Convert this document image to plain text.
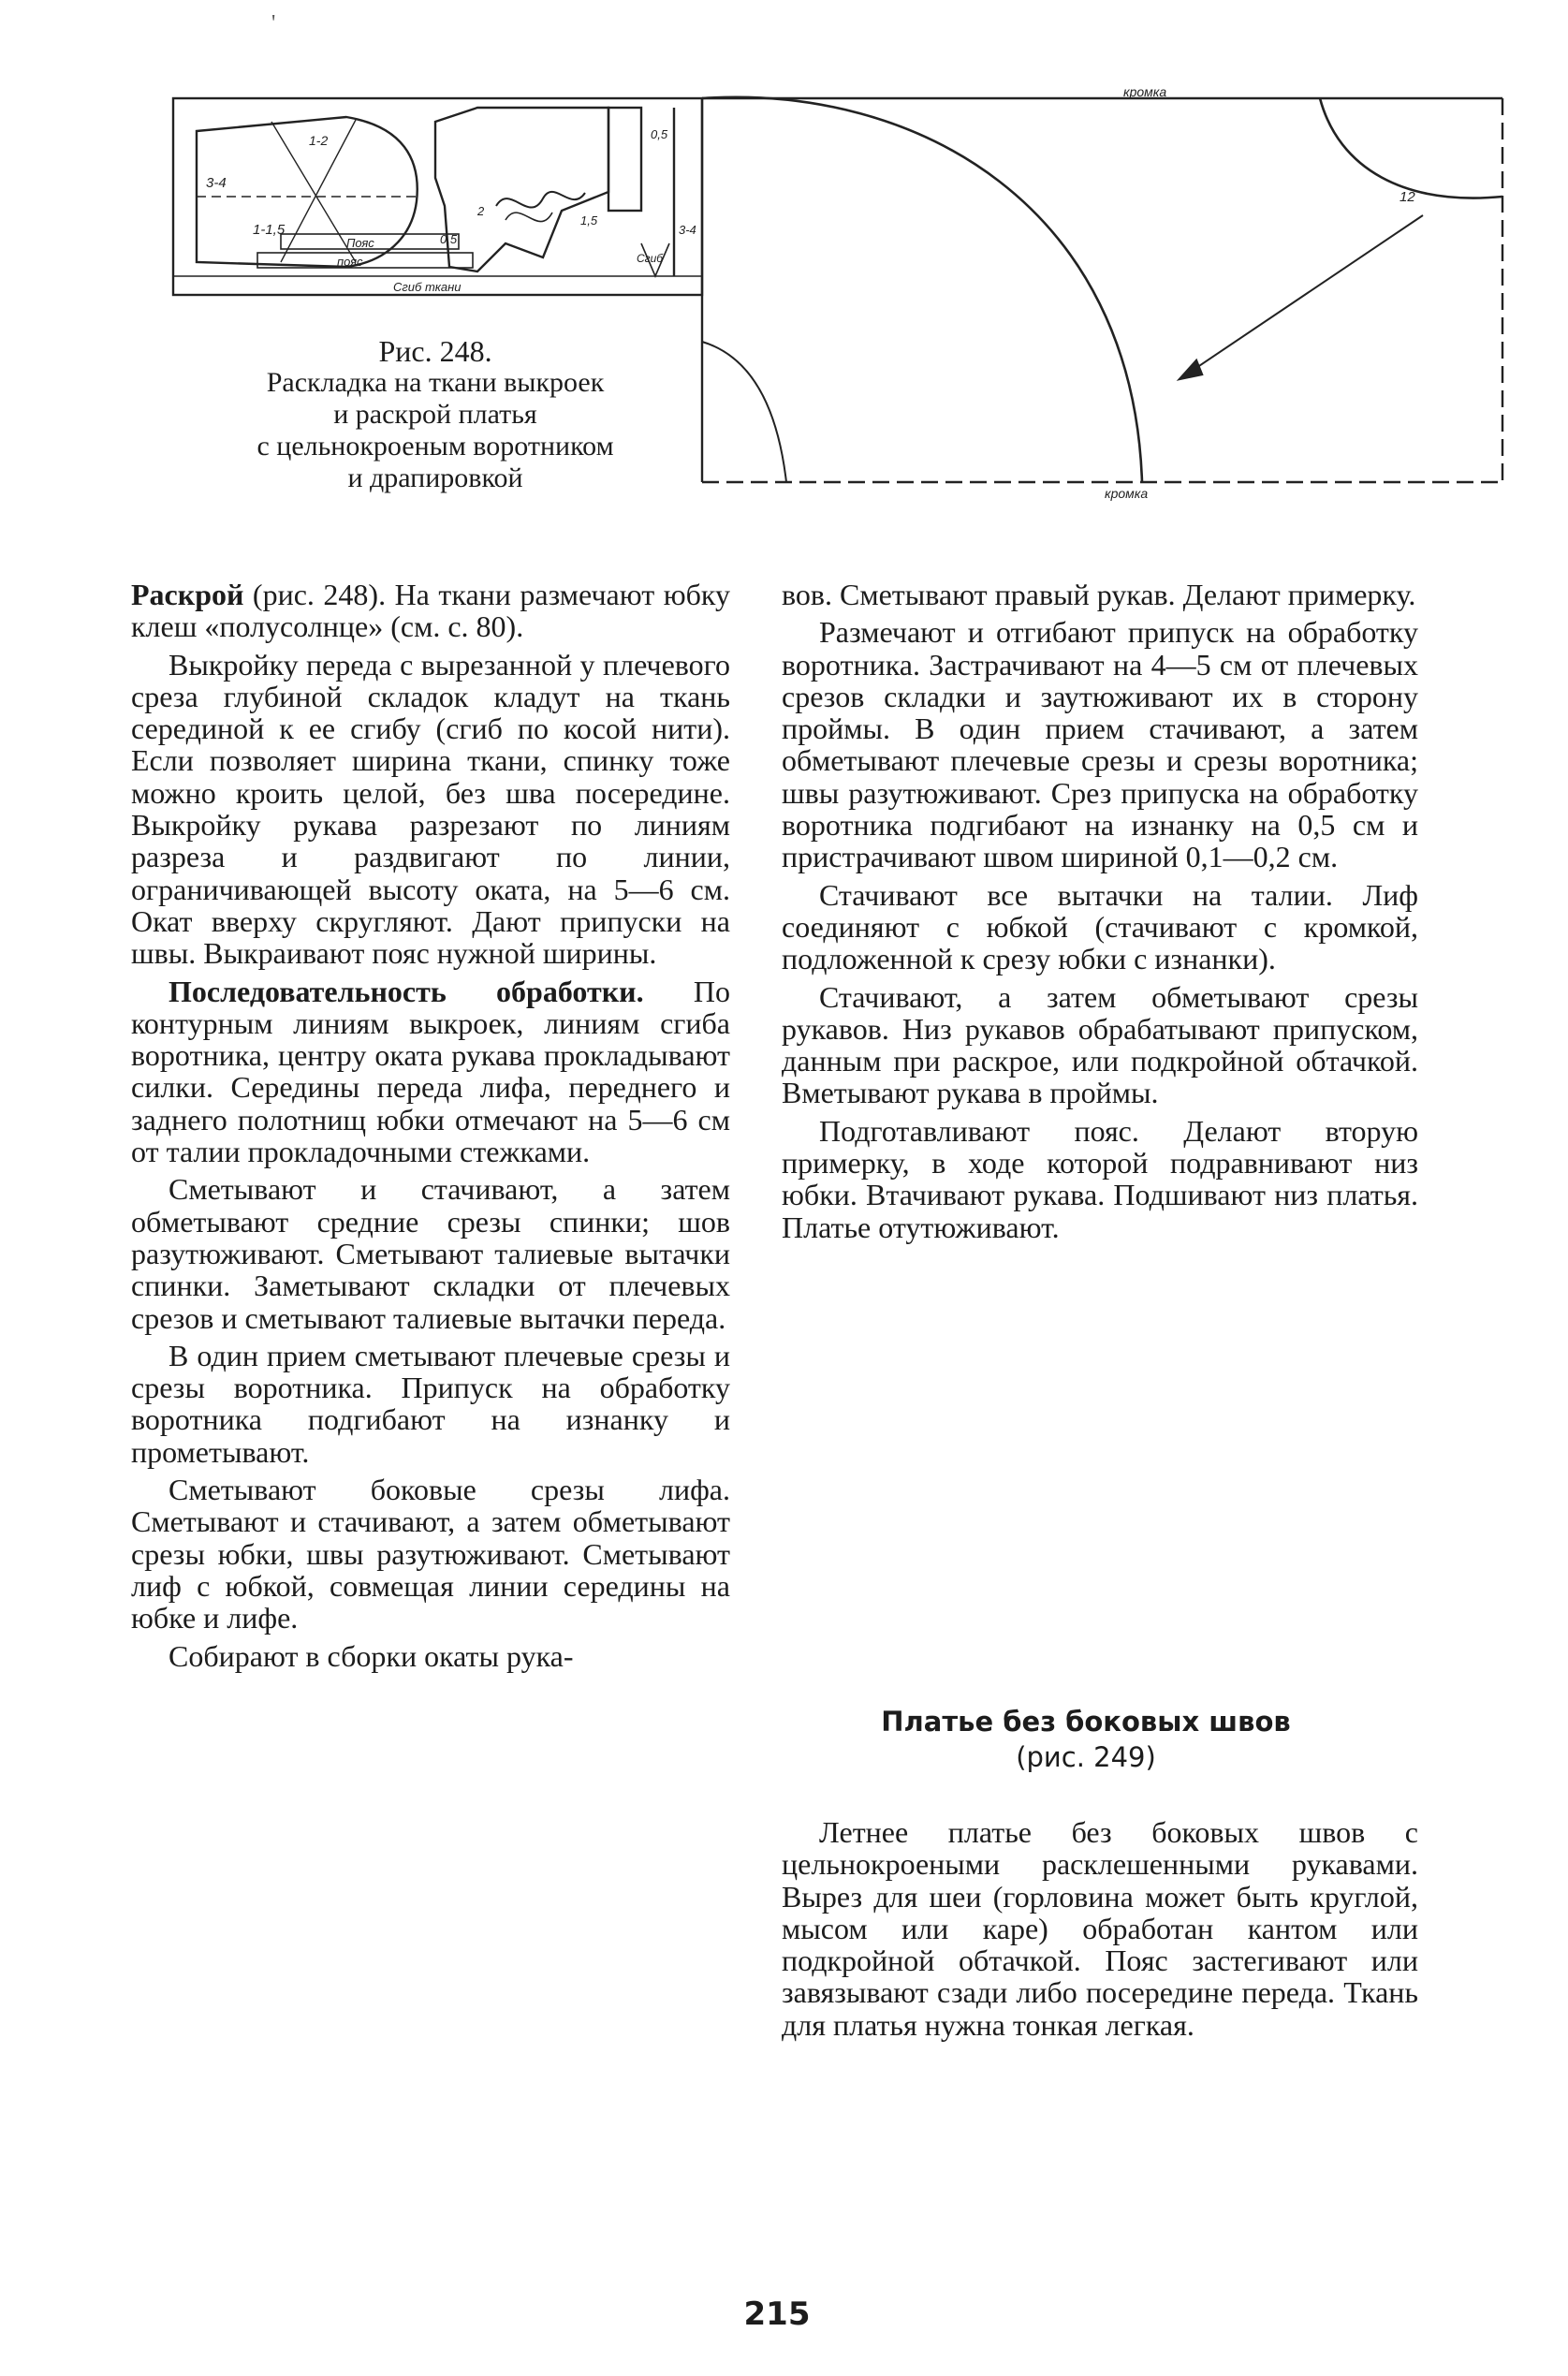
'
кромка
кромка
Пояс
пояс
Сгиб ткани
Сгиб
3-4
1-1,5
1-2	0,5
0,5
2
1,5
3-4
12
Рис. 248.
Раскладка на ткани выкроек
и раскрой платья
с цельнокроеным воротником
и драпировкой

Раскрой (рис. 248). На ткани размечают юбку клеш «полусолнце» (см. с. 80).

Выкройку переда с вырезанной у плечевого среза глубиной складок кладут на ткань серединой к ее сгибу (сгиб по косой нити). Если позволяет ширина ткани, спинку тоже можно кроить целой, без шва посередине. Выкройку рукава разрезают по линиям разреза и раздвигают по линии, ограничивающей высоту оката, на 5—6 см. Окат вверху скругляют. Дают припуски на швы. Выкраивают пояс нужной ширины.

Последовательность обработки. По контурным линиям выкроек, линиям сгиба воротника, центру оката рукава прокладывают силки. Середины переда лифа, переднего и заднего полотнищ юбки отмечают на 5—6 см от талии прокладочными стежками.

Сметывают и стачивают, а затем обметывают средние срезы спинки; шов разутюживают. Сметывают талиевые вытачки спинки. Заметывают складки от плечевых срезов и сметывают талиевые вытачки переда.

В один прием сметывают плечевые срезы и срезы воротника. Припуск на обработку воротника подгибают на изнанку и прометывают.

Сметывают боковые срезы лифа. Сметывают и стачивают, а затем обметывают срезы юбки, швы разутюживают. Сметывают лиф с юбкой, совмещая линии середины на юбке и лифе.

Собирают в сборки окаты рука-

вов. Сметывают правый рукав. Делают примерку.

Размечают и отгибают припуск на обработку воротника. Застрачивают на 4—5 см от плечевых срезов складки и заутюживают их в сторону проймы. В один прием стачивают, а затем обметывают плечевые срезы и срезы воротника; швы разутюживают. Срез припуска на обработку воротника подгибают на изнанку на 0,5 см и пристрачивают швом шириной 0,1—0,2 см.

Стачивают все вытачки на талии. Лиф соединяют с юбкой (стачивают с кромкой, подложенной к срезу юбки с изнанки).

Стачивают, а затем обметывают срезы рукавов. Низ рукавов обрабатывают припуском, данным при раскрое, или подкройной обтачкой. Вметывают рукава в проймы.

Подготавливают пояс. Делают вторую примерку, в ходе которой подравнивают низ юбки. Втачивают рукава. Подшивают низ платья. Платье отутюживают.

Платье без боковых швов
(рис. 249)

Летнее платье без боковых швов с цельнокроеными расклешенными рукавами. Вырез для шеи (горловина может быть круглой, мысом или каре) обработан кантом или подкройной обтачкой. Пояс застегивают или завязывают сзади либо посередине переда. Ткань для платья нужна тонкая легкая.

215
